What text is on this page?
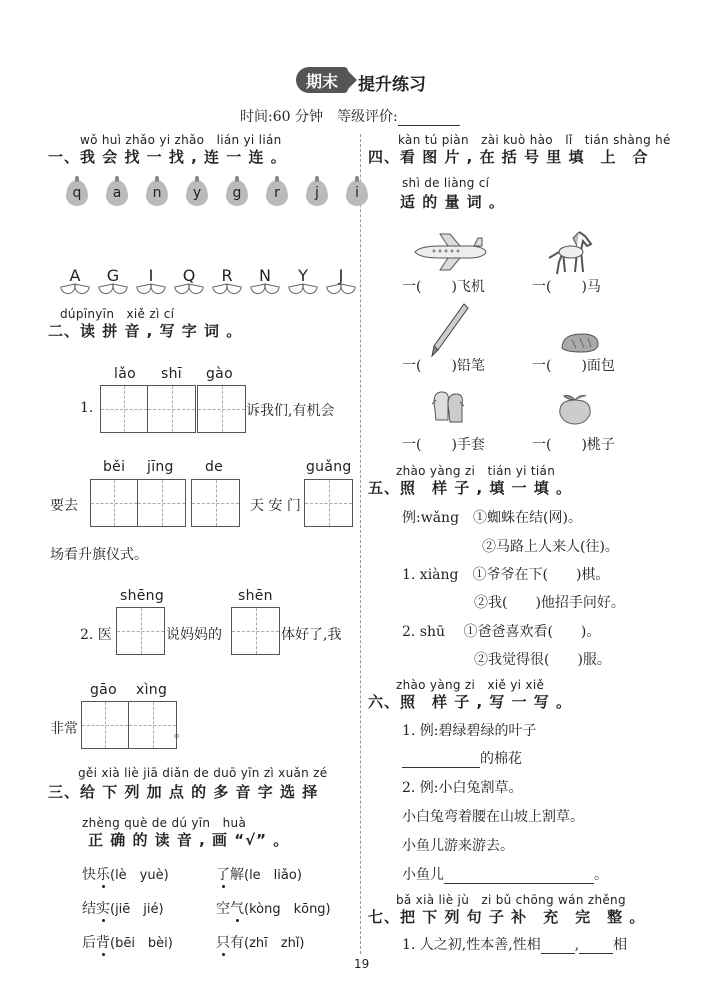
期末	提升练习
时间:60 分钟　等级评价:
wǒ huì zhǎo yi zhǎo　lián yi lián
一、我 会 找 一 找 , 连 一 连 。
q a n y g r	j	i
A	G	I	Q	R	N	Y	J
dúpīnyīn　xiě zì cí
二、读 拼 音 , 写 字 词 。
lǎo shī gào
1.	诉我们,有机会
běi jīng de	guǎng
要去	天 安 门
场看升旗仪式。
shēng	shēn
2. 医	说妈妈的	体好了,我
gāo xìng
非常	。
gěi xià liè jiā diǎn de duō yīn zì xuǎn zé
三、给 下 列 加 点 的 多 音 字 选 择
zhèng què de dú yīn　huà
正 确 的 读 音 , 画 “√” 。
快乐(lè　yuè)	了解(le　liǎo)
结实(jiē　jié)	空气(kòng　kōng)
后背(bēi　bèi)	只有(zhī　zhǐ)
kàn tú piàn　zài kuò hào　lǐ　tián shàng hé
四、看 图 片 , 在 括 号 里 填　上　合
shì de liàng cí
适 的 量 词 。
一( )飞机	一( )马
一( )铅笔	一( )面包
一( )手套	一( )桃子
zhào yàng zi　tián yi tián
五、照　样 子 , 填 一 填 。
例:wǎng　①蜘蛛在结(网)。
②马路上人来人(往)。
1. xiàng　①爷爷在下(　　)棋。
②我(　　)他招手问好。
2. shū　 ①爸爸喜欢看(　　)。
②我觉得很(　　)服。
zhào yàng zi　xiě yi xiě
六、照　样 子 , 写 一 写 。
1. 例:碧绿碧绿的叶子
的棉花
2. 例:小白兔割草。
小白兔弯着腰在山坡上割草。
小鱼儿游来游去。
小鱼儿	。
bǎ xià liè jù　zi bǔ chōng wán zhěng
七、把 下 列 句 子 补　充　完　整 。
1. 人之初,性本善,性相 , 相
19
